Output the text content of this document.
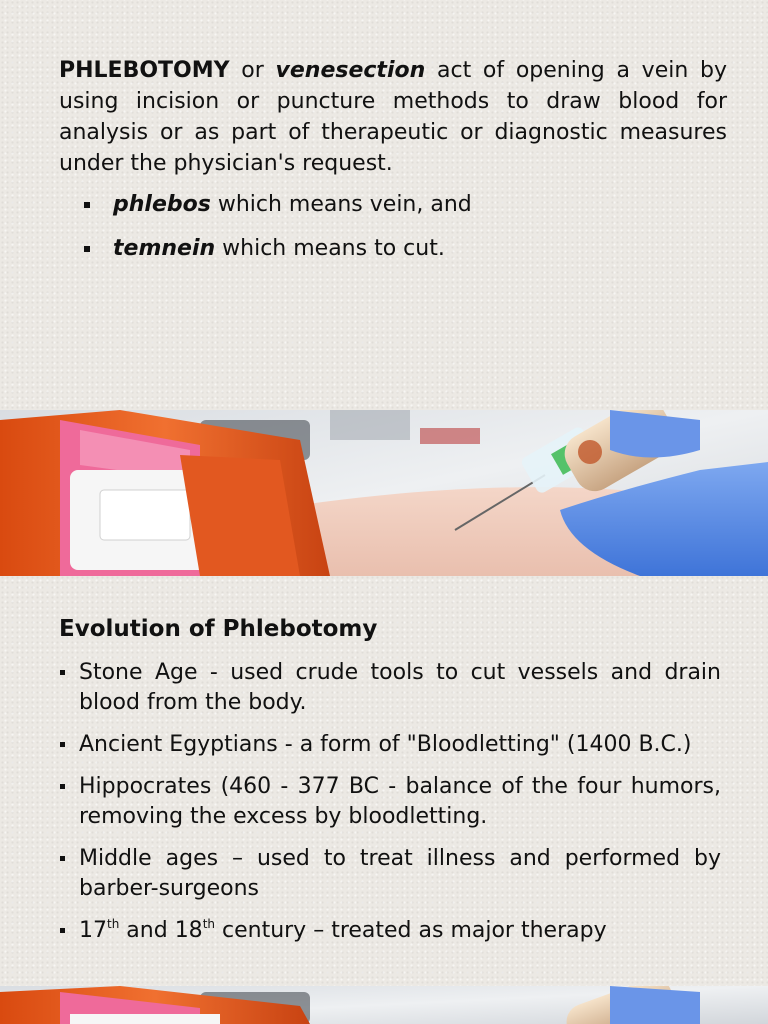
PHLEBOTOMY or venesection act of opening a vein by using incision or puncture methods to draw blood for analysis or as part of therapeutic or diagnostic measures under the physician's request.

phlebos which means vein, and
temnein which means to cut.
Evolution of Phlebotomy
Stone Age - used crude tools to cut vessels and drain blood from the body.
Ancient Egyptians - a form of "Bloodletting" (1400 B.C.)
Hippocrates (460 - 377 BC - balance of the four humors, removing the excess by bloodletting.
Middle ages – used to treat illness and performed by barber-surgeons
17th and 18th century – treated as major therapy
